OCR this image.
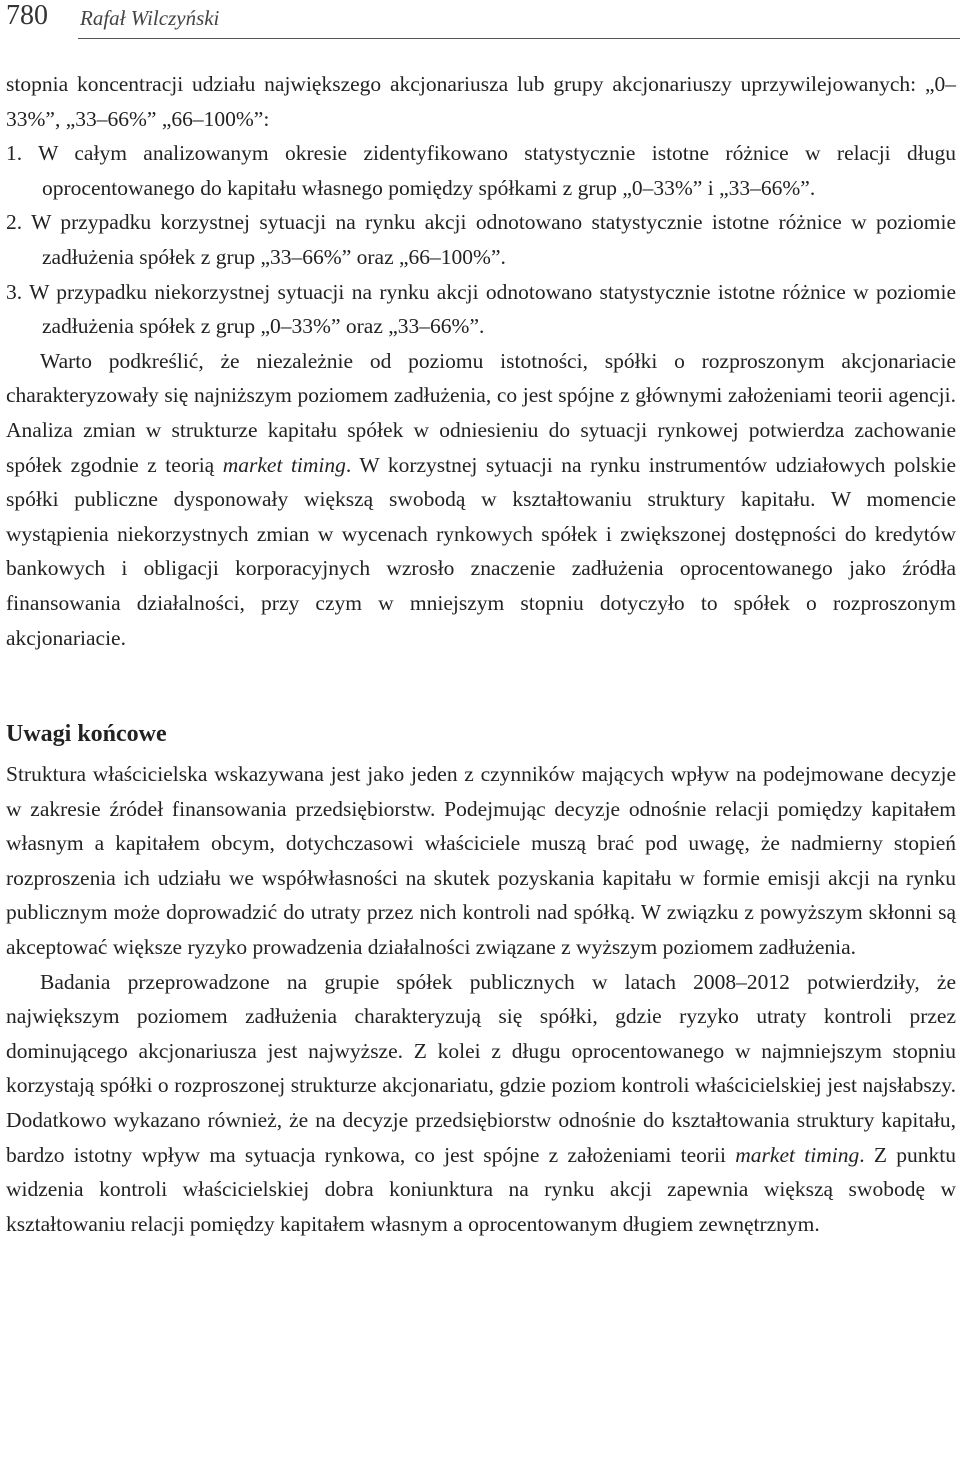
780 Rafał Wilczyński

stopnia koncentracji udziału największego akcjonariusza lub grupy akcjonariuszy uprzywilejowanych: „0–33%”, „33–66%” „66–100%”:

1. W całym analizowanym okresie zidentyfikowano statystycznie istotne różnice w relacji długu oprocentowanego do kapitału własnego pomiędzy spółkami z grup „0–33%” i „33–66%”.
2. W przypadku korzystnej sytuacji na rynku akcji odnotowano statystycznie istotne różnice w poziomie zadłużenia spółek z grup „33–66%” oraz „66–100%”.
3. W przypadku niekorzystnej sytuacji na rynku akcji odnotowano statystycznie istotne różnice w poziomie zadłużenia spółek z grup „0–33%” oraz „33–66%”.

Warto podkreślić, że niezależnie od poziomu istotności, spółki o rozproszonym akcjonariacie charakteryzowały się najniższym poziomem zadłużenia, co jest spójne z głównymi założeniami teorii agencji. Analiza zmian w strukturze kapitału spółek w odniesieniu do sytuacji rynkowej potwierdza zachowanie spółek zgodnie z teorią market timing. W korzystnej sytuacji na rynku instrumentów udziałowych polskie spółki publiczne dysponowały większą swobodą w kształtowaniu struktury kapitału. W momencie wystąpienia niekorzystnych zmian w wycenach rynkowych spółek i zwiększonej dostępności do kredytów bankowych i obligacji korporacyjnych wzrosło znaczenie zadłużenia oprocentowanego jako źródła finansowania działalności, przy czym w mniejszym stopniu dotyczyło to spółek o rozproszonym akcjonariacie.

Uwagi końcowe

Struktura właścicielska wskazywana jest jako jeden z czynników mających wpływ na podejmowane decyzje w zakresie źródeł finansowania przedsiębiorstw. Podejmując decyzje odnośnie relacji pomiędzy kapitałem własnym a kapitałem obcym, dotychczasowi właściciele muszą brać pod uwagę, że nadmierny stopień rozproszenia ich udziału we współwłasności na skutek pozyskania kapitału w formie emisji akcji na rynku publicznym może doprowadzić do utraty przez nich kontroli nad spółką. W związku z powyższym skłonni są akceptować większe ryzyko prowadzenia działalności związane z wyższym poziomem zadłużenia.

Badania przeprowadzone na grupie spółek publicznych w latach 2008–2012 potwierdziły, że największym poziomem zadłużenia charakteryzują się spółki, gdzie ryzyko utraty kontroli przez dominującego akcjonariusza jest najwyższe. Z kolei z długu oprocentowanego w najmniejszym stopniu korzystają spółki o rozproszonej strukturze akcjonariatu, gdzie poziom kontroli właścicielskiej jest najsłabszy. Dodatkowo wykazano również, że na decyzje przedsiębiorstw odnośnie do kształtowania struktury kapitału, bardzo istotny wpływ ma sytuacja rynkowa, co jest spójne z założeniami teorii market timing. Z punktu widzenia kontroli właścicielskiej dobra koniunktura na rynku akcji zapewnia większą swobodę w kształtowaniu relacji pomiędzy kapitałem własnym a oprocentowanym długiem zewnętrznym.
